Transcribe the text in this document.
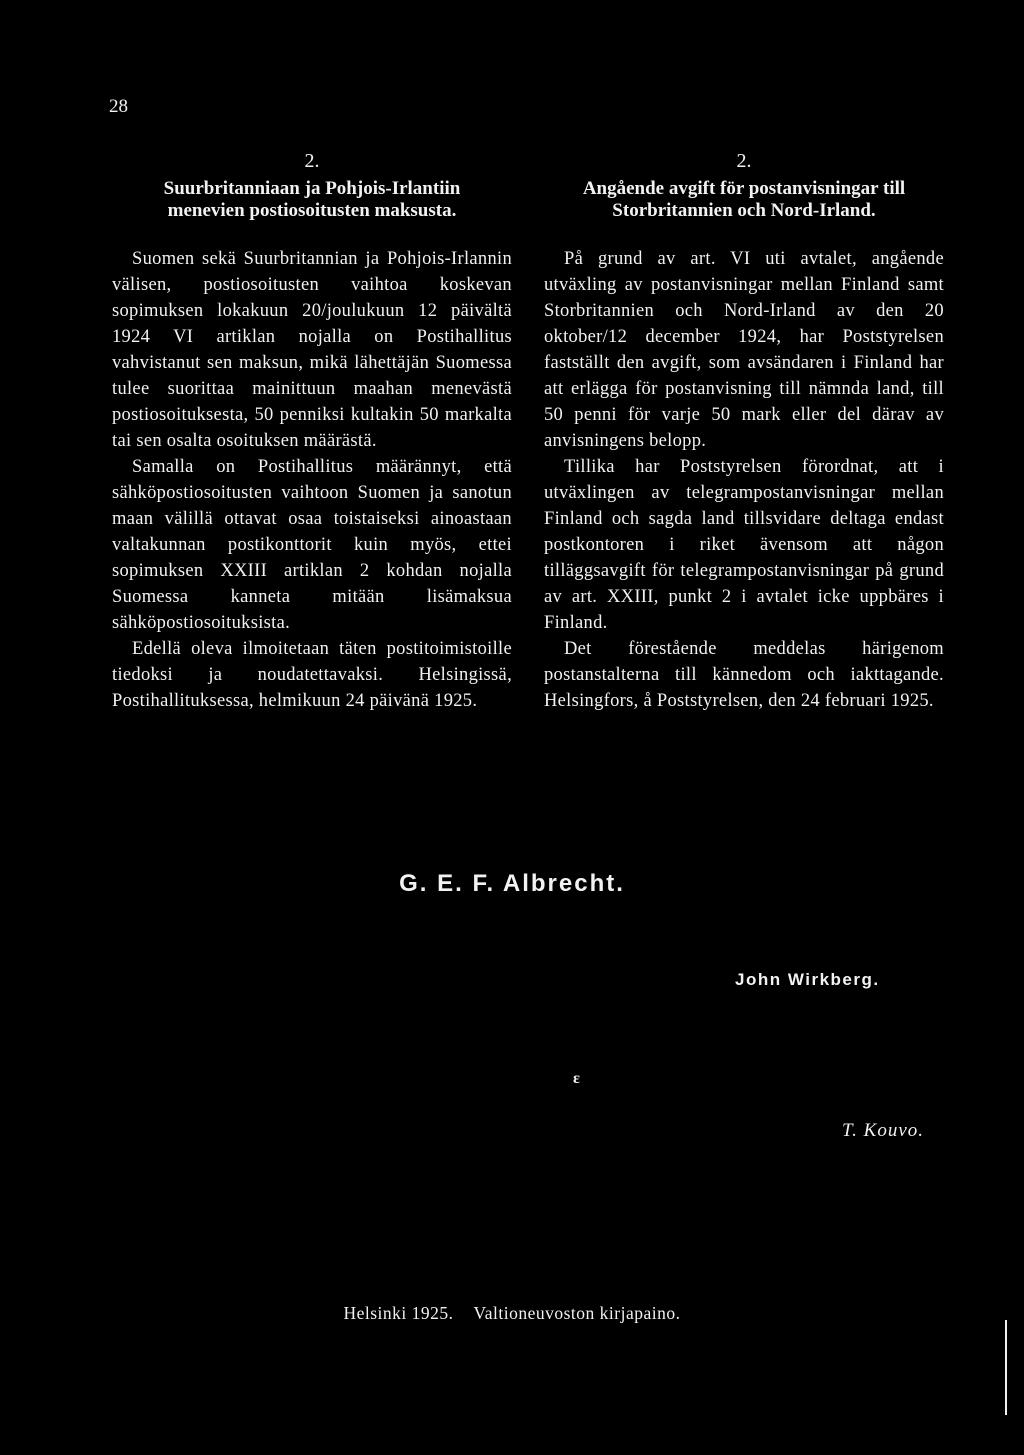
28
2.
Suurbritanniaan ja Pohjois-Irlantiin
menevien postiosoitusten maksusta.

Suomen sekä Suurbritannian ja Pohjois-Irlannin välisen, postiosoitusten vaihtoa koskevan sopimuksen lokakuun 20/joulukuun 12 päivältä 1924 VI artiklan nojalla on Postihallitus vahvistanut sen maksun, mikä lähettäjän Suomessa tulee suorittaa mainittuun maahan menevästä postiosoituksesta, 50 penniksi kultakin 50 markalta tai sen osalta osoituksen määrästä.

Samalla on Postihallitus määrännyt, että sähköpostiosoitusten vaihtoon Suomen ja sanotun maan välillä ottavat osaa toistaiseksi ainoastaan valtakunnan postikonttorit kuin myös, ettei sopimuksen XXIII artiklan 2 kohdan nojalla Suomessa kanneta mitään lisämaksua sähköpostiosoituksista.

Edellä oleva ilmoitetaan täten postitoimistoille tiedoksi ja noudatettavaksi. Helsingissä, Postihallituksessa, helmikuun 24 päivänä 1925.

2.
Angående avgift för postanvisningar till
Storbritannien och Nord-Irland.

På grund av art. VI uti avtalet, angående utväxling av postanvisningar mellan Finland samt Storbritannien och Nord-Irland av den 20 oktober/12 december 1924, har Poststyrelsen fastställt den avgift, som avsändaren i Finland har att erlägga för postanvisning till nämnda land, till 50 penni för varje 50 mark eller del därav av anvisningens belopp.

Tillika har Poststyrelsen förordnat, att i utväxlingen av telegrampostanvisningar mellan Finland och sagda land tillsvidare deltaga endast postkontoren i riket ävensom att någon tilläggsavgift för telegrampostanvisningar på grund av art. XXIII, punkt 2 i avtalet icke uppbäres i Finland.

Det förestående meddelas härigenom postanstalterna till kännedom och iakttagande. Helsingfors, å Poststyrelsen, den 24 februari 1925.

G. E. F. Albrecht.
John Wirkberg.
ɛ
T. Kouvo.
Helsinki 1925. Valtioneuvoston kirjapaino.
